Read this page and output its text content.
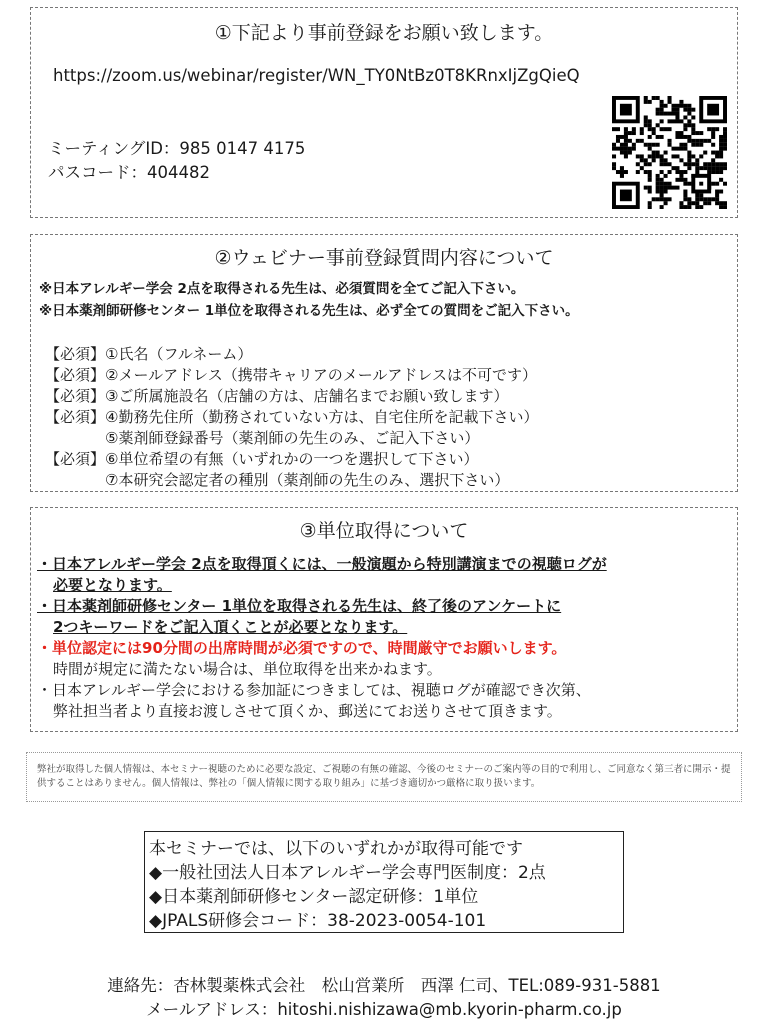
①下記より事前登録をお願い致します。
https://zoom.us/webinar/register/WN_TY0NtBz0T8KRnxIjZgQieQ
ミーティングID：985 0147 4175
パスコード：404482
②ウェビナー事前登録質問内容について
※日本アレルギー学会 2点を取得される先生は、必須質問を全てご記入下さい。
※日本薬剤師研修センター 1単位を取得される先生は、必ず全ての質問をご記入下さい。
【必須】①氏名（フルネーム）
【必須】②メールアドレス（携帯キャリアのメールアドレスは不可です）
【必須】③ご所属施設名（店舗の方は、店舗名までお願い致します）
【必須】④勤務先住所（勤務されていない方は、自宅住所を記載下さい）
⑤薬剤師登録番号（薬剤師の先生のみ、ご記入下さい）
【必須】⑥単位希望の有無（いずれかの一つを選択して下さい）
⑦本研究会認定者の種別（薬剤師の先生のみ、選択下さい）
③単位取得について
・日本アレルギー学会 2点を取得頂くには、一般演題から特別講演までの視聴ログが
必要となります。
・日本薬剤師研修センター 1単位を取得される先生は、終了後のアンケートに
2つキーワードをご記入頂くことが必要となります。
・単位認定には90分間の出席時間が必須ですので、時間厳守でお願いします。
時間が規定に満たない場合は、単位取得を出来かねます。
・日本アレルギー学会における参加証につきましては、視聴ログが確認でき次第、
弊社担当者より直接お渡しさせて頂くか、郵送にてお送りさせて頂きます。
弊社が取得した個人情報は、本セミナー視聴のために必要な設定、ご視聴の有無の確認、今後のセミナーのご案内等の目的で利用し、ご同意なく第三者に開示・提供することはありません。個人情報は、弊社の「個人情報に関する取り組み」に基づき適切かつ厳格に取り扱います。
本セミナーでは、以下のいずれかが取得可能です
◆一般社団法人日本アレルギー学会専門医制度：2点
◆日本薬剤師研修センター認定研修：1単位
◆JPALS研修会コード：38-2023-0054-101
連絡先：杏林製薬株式会社　松山営業所　西澤 仁司、TEL:089-931-5881
メールアドレス：hitoshi.nishizawa@mb.kyorin-pharm.co.jp
